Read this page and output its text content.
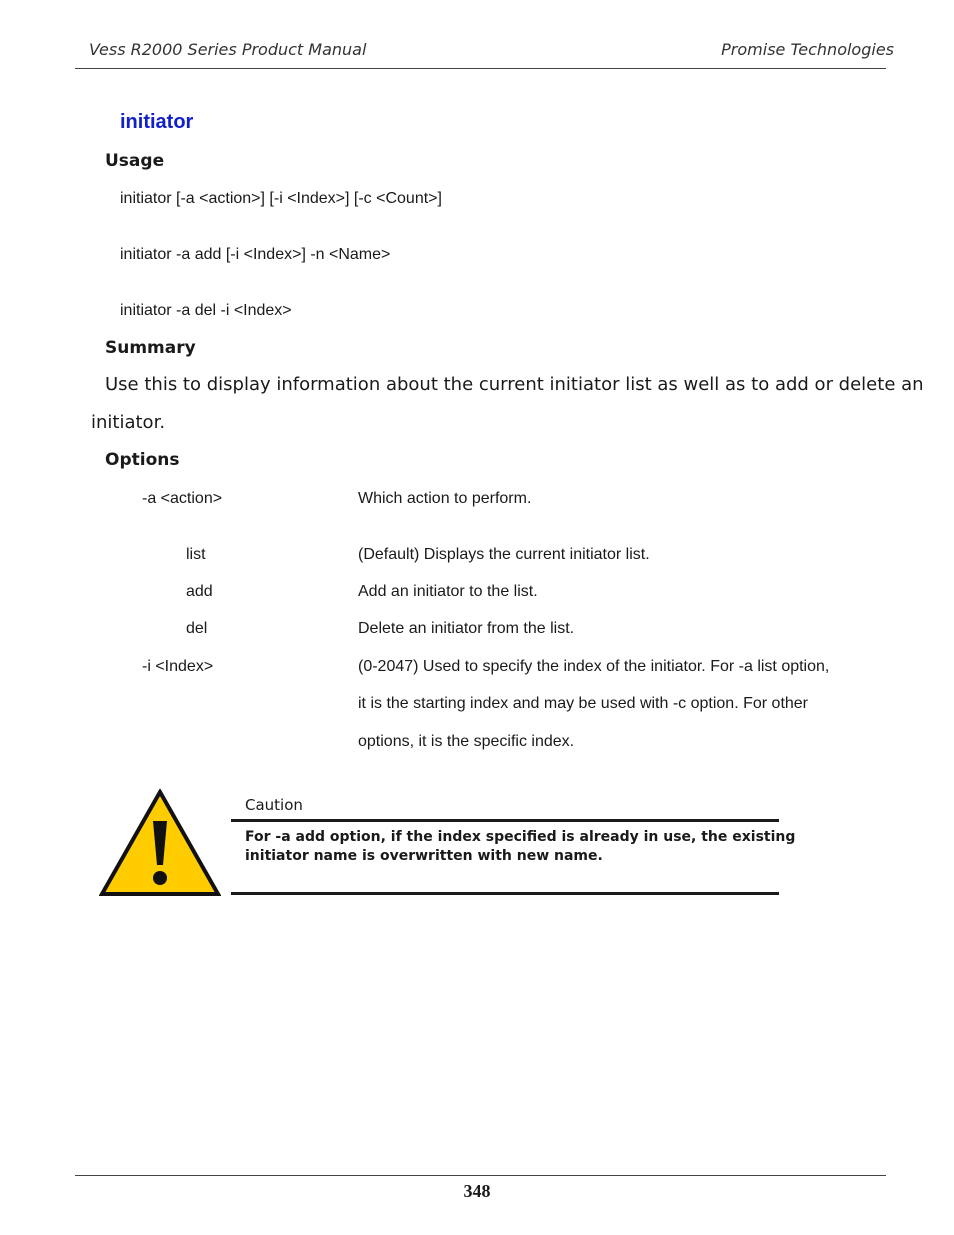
Vess R2000 Series Product Manual	Promise Technologies
initiator
Usage
initiator [-a <action>] [-i <Index>] [-c <Count>]
initiator -a add [-i <Index>] -n <Name>
initiator -a del -i <Index>
Summary
Use this to display information about the current initiator list as well as to add or delete an
initiator.
Options
-a <action>	Which action to perform.
list	(Default) Displays the current initiator list.
add	Add an initiator to the list.
del	Delete an initiator from the list.
-i <Index>	(0-2047) Used to specify the index of the initiator. For -a list option,
it is the starting index and may be used with -c option. For other
options, it is the specific index.
Caution
For -a add option, if the index specified is already in use, the existing
initiator name is overwritten with new name.
348
